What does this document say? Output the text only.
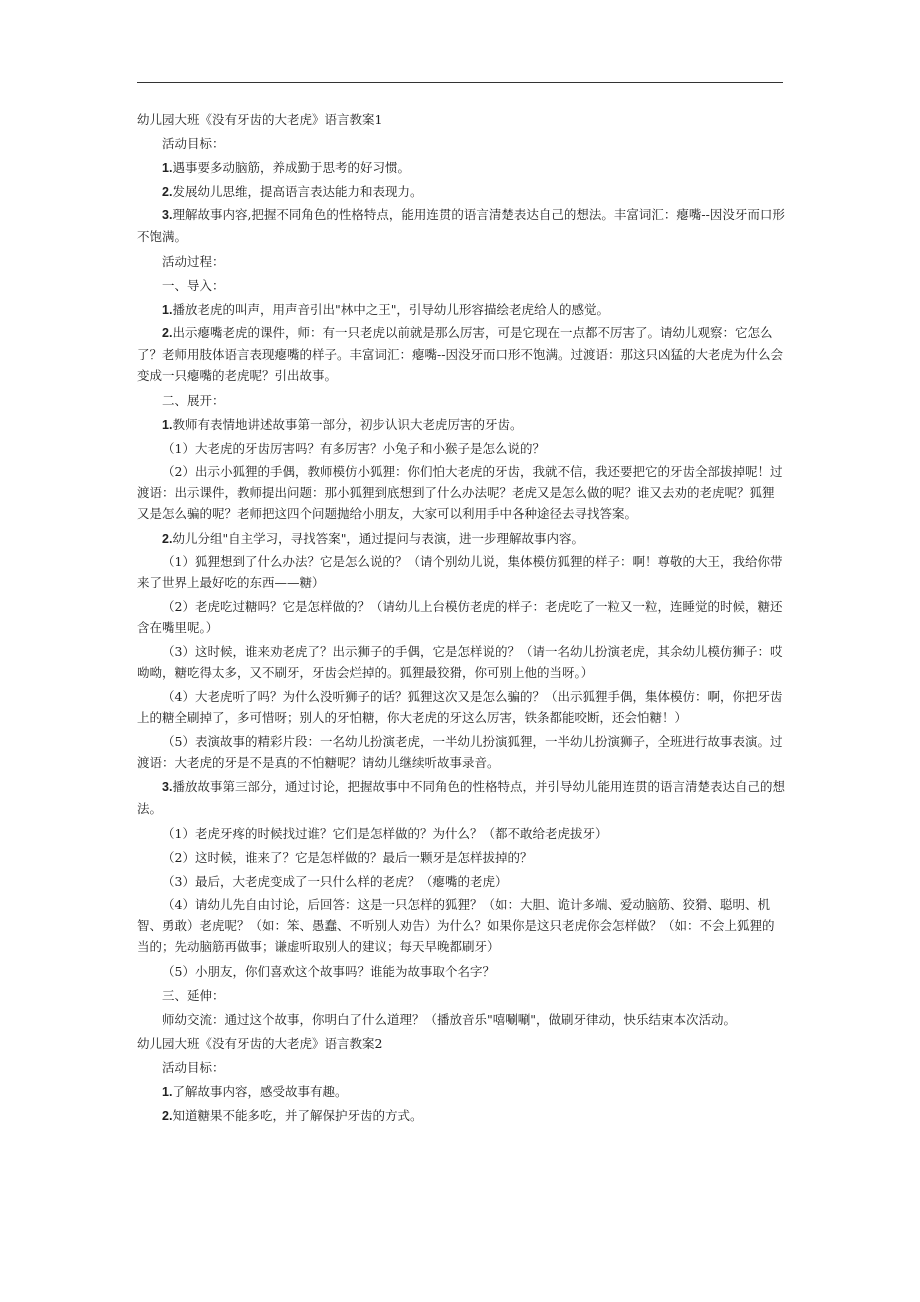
幼儿园大班《没有牙齿的大老虎》语言教案1

活动目标：

1.遇事要多动脑筋，养成勤于思考的好习惯。

2.发展幼儿思维，提高语言表达能力和表现力。

3.理解故事内容,把握不同角色的性格特点，能用连贯的语言清楚表达自己的想法。丰富词汇：瘪嘴--因没牙而口形不饱满。

活动过程：

一、导入：

1.播放老虎的叫声，用声音引出"林中之王"，引导幼儿形容描绘老虎给人的感觉。

2.出示瘪嘴老虎的课件，师：有一只老虎以前就是那么厉害，可是它现在一点都不厉害了。请幼儿观察：它怎么了？老师用肢体语言表现瘪嘴的样子。丰富词汇：瘪嘴--因没牙而口形不饱满。过渡语：那这只凶猛的大老虎为什么会变成一只瘪嘴的老虎呢？引出故事。

二、展开：

1.教师有表情地讲述故事第一部分，初步认识大老虎厉害的牙齿。

（1）大老虎的牙齿厉害吗？有多厉害？小兔子和小猴子是怎么说的？

（2）出示小狐狸的手偶，教师模仿小狐狸：你们怕大老虎的牙齿，我就不信，我还要把它的牙齿全部拔掉呢！过渡语：出示课件，教师提出问题：那小狐狸到底想到了什么办法呢？老虎又是怎么做的呢？谁又去劝的老虎呢？狐狸又是怎么骗的呢？老师把这四个问题抛给小朋友，大家可以利用手中各种途径去寻找答案。

2.幼儿分组"自主学习，寻找答案"，通过提问与表演，进一步理解故事内容。

（1）狐狸想到了什么办法？它是怎么说的？（请个别幼儿说，集体模仿狐狸的样子：啊！尊敬的大王，我给你带来了世界上最好吃的东西——糖）

（2）老虎吃过糖吗？它是怎样做的？（请幼儿上台模仿老虎的样子：老虎吃了一粒又一粒，连睡觉的时候，糖还含在嘴里呢。）

（3）这时候，谁来劝老虎了？出示狮子的手偶，它是怎样说的？（请一名幼儿扮演老虎，其余幼儿模仿狮子：哎呦呦，糖吃得太多，又不刷牙，牙齿会烂掉的。狐狸最狡猾，你可别上他的当呀。）

（4）大老虎听了吗？为什么没听狮子的话？狐狸这次又是怎么骗的？（出示狐狸手偶，集体模仿：啊，你把牙齿上的糖全刷掉了，多可惜呀；别人的牙怕糖，你大老虎的牙这么厉害，铁条都能咬断，还会怕糖！）

（5）表演故事的精彩片段：一名幼儿扮演老虎，一半幼儿扮演狐狸，一半幼儿扮演狮子，全班进行故事表演。过渡语：大老虎的牙是不是真的不怕糖呢？请幼儿继续听故事录音。

3.播放故事第三部分，通过讨论，把握故事中不同角色的性格特点，并引导幼儿能用连贯的语言清楚表达自己的想法。

（1）老虎牙疼的时候找过谁？它们是怎样做的？为什么？（都不敢给老虎拔牙）

（2）这时候，谁来了？它是怎样做的？最后一颗牙是怎样拔掉的？

（3）最后，大老虎变成了一只什么样的老虎？（瘪嘴的老虎）

（4）请幼儿先自由讨论，后回答：这是一只怎样的狐狸？（如：大胆、诡计多端、爱动脑筋、狡猾、聪明、机智、勇敢）老虎呢？（如：笨、愚蠢、不听别人劝告）为什么？如果你是这只老虎你会怎样做？（如：不会上狐狸的当的；先动脑筋再做事；谦虚听取别人的建议；每天早晚都刷牙）

（5）小朋友，你们喜欢这个故事吗？谁能为故事取个名字？

三、延伸：

师幼交流：通过这个故事，你明白了什么道理？（播放音乐"嘻唰唰"，做刷牙律动，快乐结束本次活动。

幼儿园大班《没有牙齿的大老虎》语言教案2

活动目标：

1.了解故事内容，感受故事有趣。

2.知道糖果不能多吃，并了解保护牙齿的方式。
